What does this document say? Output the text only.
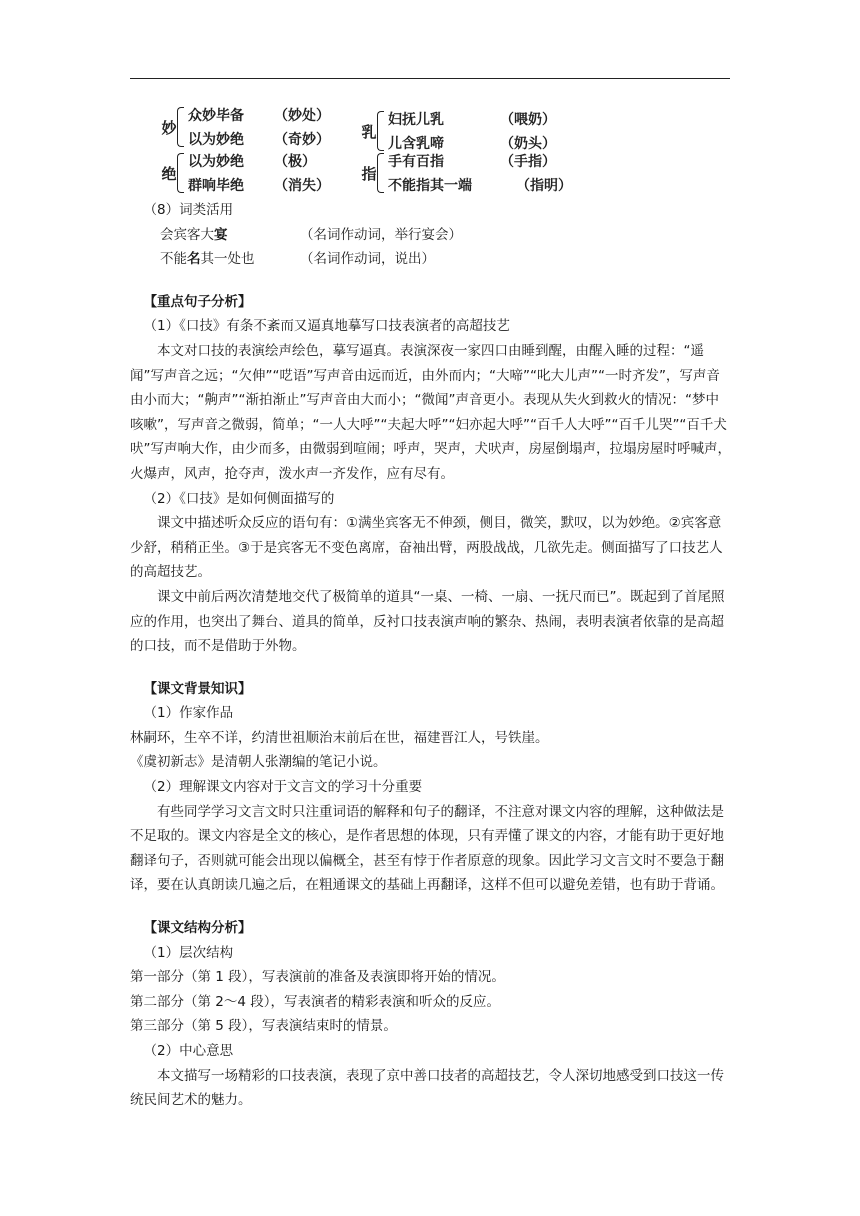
妙
众妙毕备 （妙处）
以为妙绝 （奇妙）
绝
以为妙绝 （极）
群响毕绝 （消失）
乳
妇抚儿乳	（喂奶）
儿含乳啼	（奶头）
指
手有百指	（手指）
不能指其一端	（指明）
（8）词类活用
会宾客大宴	（名词作动词，举行宴会）
不能名其一处也	（名词作动词，说出）
【重点句子分析】
（1）《口技》有条不紊而又逼真地摹写口技表演者的高超技艺
本文对口技的表演绘声绘色，摹写逼真。表演深夜一家四口由睡到醒，由醒入睡的过程：“遥闻”写声音之远；“欠伸”“呓语”写声音由远而近，由外而内；“大啼”“叱大儿声”“一时齐发”，写声音由小而大；“齁声”“渐拍渐止”写声音由大而小；“微闻”声音更小。表现从失火到救火的情况：“梦中咳嗽”，写声音之微弱，简单；“一人大呼”“夫起大呼”“妇亦起大呼”“百千人大呼”“百千儿哭”“百千犬吠”写声响大作，由少而多，由微弱到喧闹；呼声，哭声，犬吠声，房屋倒塌声，拉塌房屋时呼喊声，火爆声，风声，抢夺声，泼水声一齐发作，应有尽有。
（2）《口技》是如何侧面描写的
课文中描述听众反应的语句有：①满坐宾客无不伸颈，侧目，微笑，默叹，以为妙绝。②宾客意少舒，稍稍正坐。③于是宾客无不变色离席，奋袖出臂，两股战战，几欲先走。侧面描写了口技艺人的高超技艺。
课文中前后两次清楚地交代了极简单的道具“一桌、一椅、一扇、一抚尺而已”。既起到了首尾照应的作用，也突出了舞台、道具的简单，反衬口技表演声响的繁杂、热闹，表明表演者依靠的是高超的口技，而不是借助于外物。
【课文背景知识】
（1）作家作品
林嗣环，生卒不详，约清世祖顺治末前后在世，福建晋江人，号铁崖。
《虞初新志》是清朝人张潮编的笔记小说。
（2）理解课文内容对于文言文的学习十分重要
有些同学学习文言文时只注重词语的解释和句子的翻译，不注意对课文内容的理解，这种做法是不足取的。课文内容是全文的核心，是作者思想的体现，只有弄懂了课文的内容，才能有助于更好地翻译句子，否则就可能会出现以偏概全，甚至有悖于作者原意的现象。因此学习文言文时不要急于翻译，要在认真朗读几遍之后，在粗通课文的基础上再翻译，这样不但可以避免差错，也有助于背诵。
【课文结构分析】
（1）层次结构
第一部分（第 1 段），写表演前的准备及表演即将开始的情况。
第二部分（第 2～4 段），写表演者的精彩表演和听众的反应。
第三部分（第 5 段），写表演结束时的情景。
（2）中心意思
本文描写一场精彩的口技表演，表现了京中善口技者的高超技艺，令人深切地感受到口技这一传统民间艺术的魅力。
